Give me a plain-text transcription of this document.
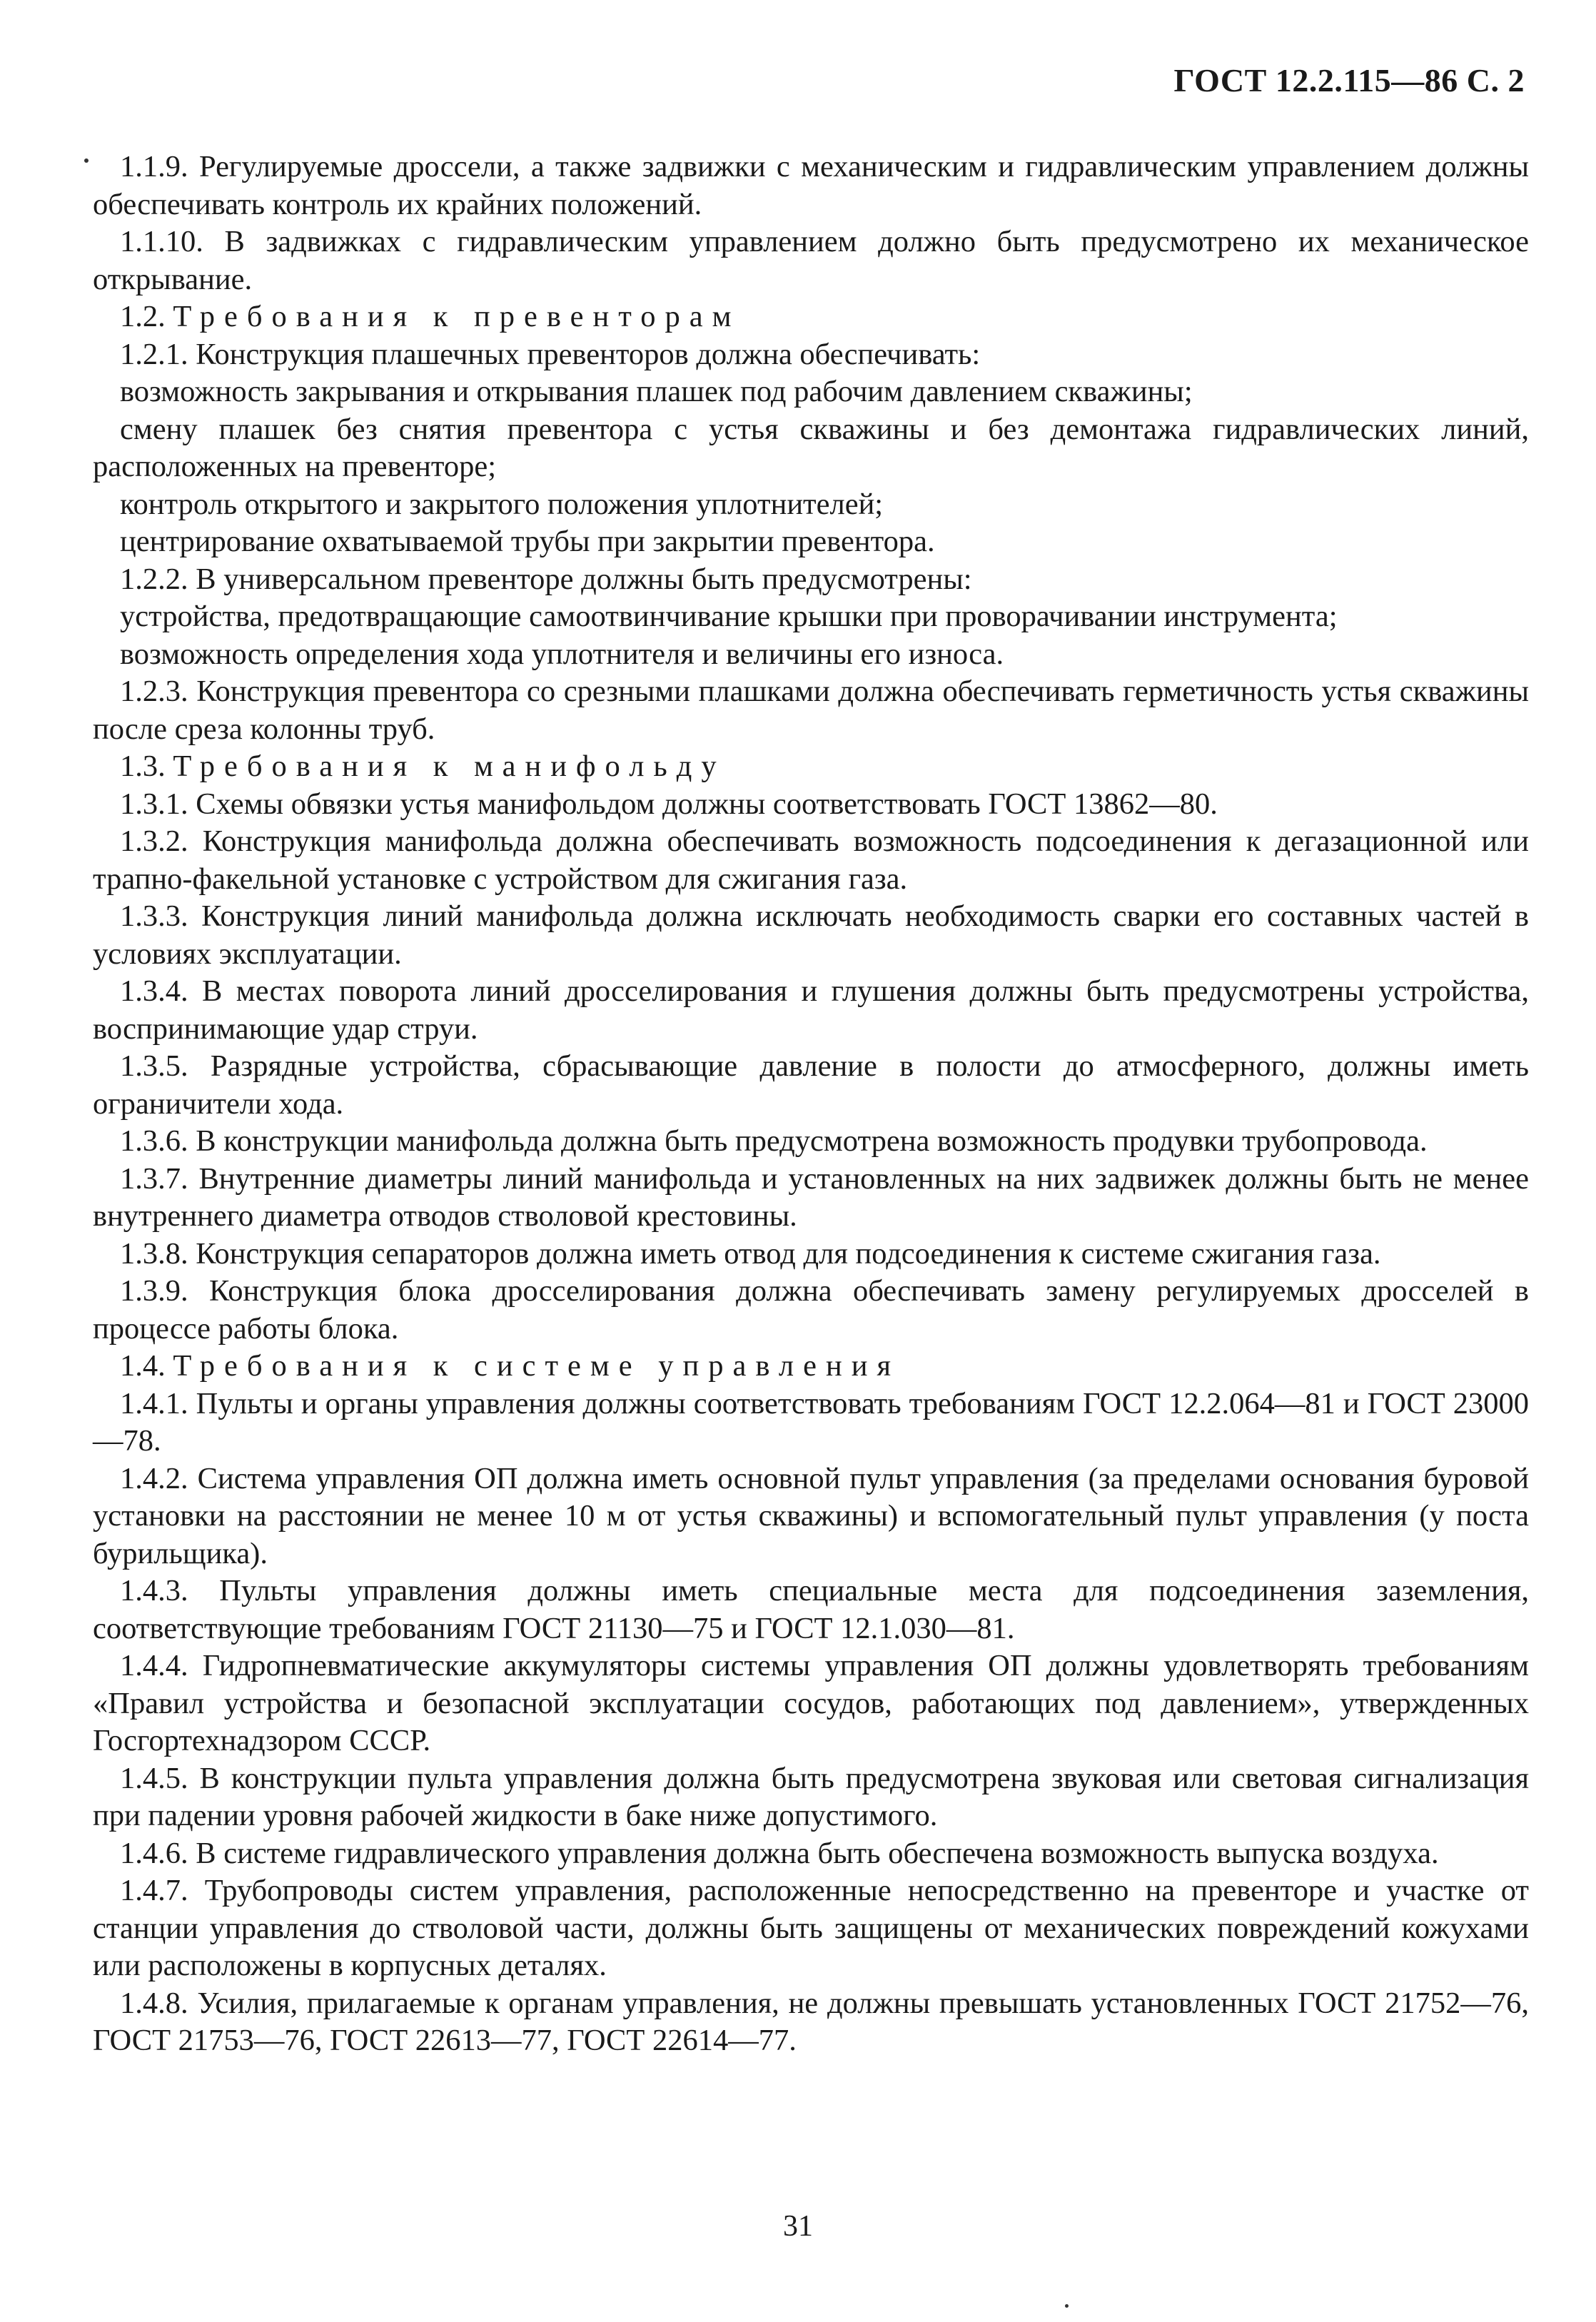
ГОСТ 12.2.115—86 С. 2

1.1.9. Регулируемые дроссели, а также задвижки с механическим и гидравлическим управлением должны обеспечивать контроль их крайних положений.

1.1.10. В задвижках с гидравлическим управлением должно быть предусмотрено их механическое открывание.

1.2. Требования к превенторам

1.2.1. Конструкция плашечных превенторов должна обеспечивать:

возможность закрывания и открывания плашек под рабочим давлением скважины;

смену плашек без снятия превентора с устья скважины и без демонтажа гидравлических линий, расположенных на превенторе;

контроль открытого и закрытого положения уплотнителей;

центрирование охватываемой трубы при закрытии превентора.

1.2.2. В универсальном превенторе должны быть предусмотрены:

устройства, предотвращающие самоотвинчивание крышки при проворачивании инструмента;

возможность определения хода уплотнителя и величины его износа.

1.2.3. Конструкция превентора со срезными плашками должна обеспечивать герметичность устья скважины после среза колонны труб.

1.3. Требования к манифольду

1.3.1. Схемы обвязки устья манифольдом должны соответствовать ГОСТ 13862—80.

1.3.2. Конструкция манифольда должна обеспечивать возможность подсоединения к дегазационной или трапно-факельной установке с устройством для сжигания газа.

1.3.3. Конструкция линий манифольда должна исключать необходимость сварки его составных частей в условиях эксплуатации.

1.3.4. В местах поворота линий дросселирования и глушения должны быть предусмотрены устройства, воспринимающие удар струи.

1.3.5. Разрядные устройства, сбрасывающие давление в полости до атмосферного, должны иметь ограничители хода.

1.3.6. В конструкции манифольда должна быть предусмотрена возможность продувки трубопровода.

1.3.7. Внутренние диаметры линий манифольда и установленных на них задвижек должны быть не менее внутреннего диаметра отводов стволовой крестовины.

1.3.8. Конструкция сепараторов должна иметь отвод для подсоединения к системе сжигания газа.

1.3.9. Конструкция блока дросселирования должна обеспечивать замену регулируемых дросселей в процессе работы блока.

1.4. Требования к системе управления

1.4.1. Пульты и органы управления должны соответствовать требованиям ГОСТ 12.2.064—81 и ГОСТ 23000—78.

1.4.2. Система управления ОП должна иметь основной пульт управления (за пределами основания буровой установки на расстоянии не менее 10 м от устья скважины) и вспомогательный пульт управления (у поста бурильщика).

1.4.3. Пульты управления должны иметь специальные места для подсоединения заземления, соответствующие требованиям ГОСТ 21130—75 и ГОСТ 12.1.030—81.

1.4.4. Гидропневматические аккумуляторы системы управления ОП должны удовлетворять требованиям «Правил устройства и безопасной эксплуатации сосудов, работающих под давлением», утвержденных Госгортехнадзором СССР.

1.4.5. В конструкции пульта управления должна быть предусмотрена звуковая или световая сигнализация при падении уровня рабочей жидкости в баке ниже допустимого.

1.4.6. В системе гидравлического управления должна быть обеспечена возможность выпуска воздуха.

1.4.7. Трубопроводы систем управления, расположенные непосредственно на превенторе и участке от станции управления до стволовой части, должны быть защищены от механических повреждений кожухами или расположены в корпусных деталях.

1.4.8. Усилия, прилагаемые к органам управления, не должны превышать установленных ГОСТ 21752—76, ГОСТ 21753—76, ГОСТ 22613—77, ГОСТ 22614—77.

31
